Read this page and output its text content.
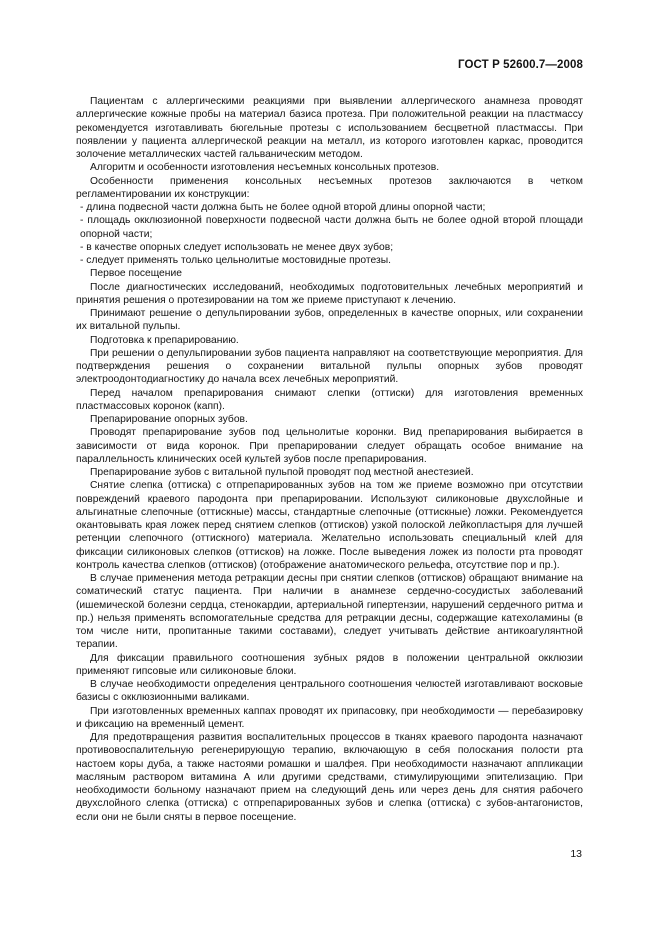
ГОСТ Р 52600.7—2008

Пациентам с аллергическими реакциями при выявлении аллергического анамнеза проводят аллергические кожные пробы на материал базиса протеза. При положительной реакции на пластмассу рекомендуется изготавливать бюгельные протезы с использованием бесцветной пластмассы. При появлении у пациента аллергической реакции на металл, из которого изготовлен каркас, проводится золочение металлических частей гальваническим методом.

Алгоритм и особенности изготовления несъемных консольных протезов.

Особенности применения консольных несъемных протезов заключаются в четком регламентировании их конструкции:

- длина подвесной части должна быть не более одной второй длины опорной части;

- площадь окклюзионной поверхности подвесной части должна быть не более одной второй площади опорной части;

- в качестве опорных следует использовать не менее двух зубов;

- следует применять только цельнолитые мостовидные протезы.

Первое посещение

После диагностических исследований, необходимых подготовительных лечебных мероприятий и принятия решения о протезировании на том же приеме приступают к лечению.

Принимают решение о депульпировании зубов, определенных в качестве опорных, или сохранении их витальной пульпы.

Подготовка к препарированию.

При решении о депульпировании зубов пациента направляют на соответствующие мероприятия. Для подтверждения решения о сохранении витальной пульпы опорных зубов проводят электроодонтодиагностику до начала всех лечебных мероприятий.

Перед началом препарирования снимают слепки (оттиски) для изготовления временных пластмассовых коронок (капп).

Препарирование опорных зубов.

Проводят препарирование зубов под цельнолитые коронки. Вид препарирования выбирается в зависимости от вида коронок. При препарировании следует обращать особое внимание на параллельность клинических осей культей зубов после препарирования.

Препарирование зубов с витальной пульпой проводят под местной анестезией.

Снятие слепка (оттиска) с отпрепарированных зубов на том же приеме возможно при отсутствии повреждений краевого пародонта при препарировании. Используют силиконовые двухслойные и альгинатные слепочные (оттискные) массы, стандартные слепочные (оттискные) ложки. Рекомендуется окантовывать края ложек перед снятием слепков (оттисков) узкой полоской лейкопластыря для лучшей ретенции слепочного (оттискного) материала. Желательно использовать специальный клей для фиксации силиконовых слепков (оттисков) на ложке. После выведения ложек из полости рта проводят контроль качества слепков (оттисков) (отображение анатомического рельефа, отсутствие пор и пр.).

В случае применения метода ретракции десны при снятии слепков (оттисков) обращают внимание на соматический статус пациента. При наличии в анамнезе сердечно-сосудистых заболеваний (ишемической болезни сердца, стенокардии, артериальной гипертензии, нарушений сердечного ритма и пр.) нельзя применять вспомогательные средства для ретракции десны, содержащие катехоламины (в том числе нити, пропитанные такими составами), следует учитывать действие антикоагулянтной терапии.

Для фиксации правильного соотношения зубных рядов в положении центральной окклюзии применяют гипсовые или силиконовые блоки.

В случае необходимости определения центрального соотношения челюстей изготавливают восковые базисы с окклюзионными валиками.

При изготовленных временных каппах проводят их припасовку, при необходимости — перебазировку и фиксацию на временный цемент.

Для предотвращения развития воспалительных процессов в тканях краевого пародонта назначают противовоспалительную регенерирующую терапию, включающую в себя полоскания полости рта настоем коры дуба, а также настоями ромашки и шалфея. При необходимости назначают аппликации масляным раствором витамина А или другими средствами, стимулирующими эпителизацию. При необходимости больному назначают прием на следующий день или через день для снятия рабочего двухслойного слепка (оттиска) с отпрепарированных зубов и слепка (оттиска) с зубов-антагонистов, если они не были сняты в первое посещение.

13
